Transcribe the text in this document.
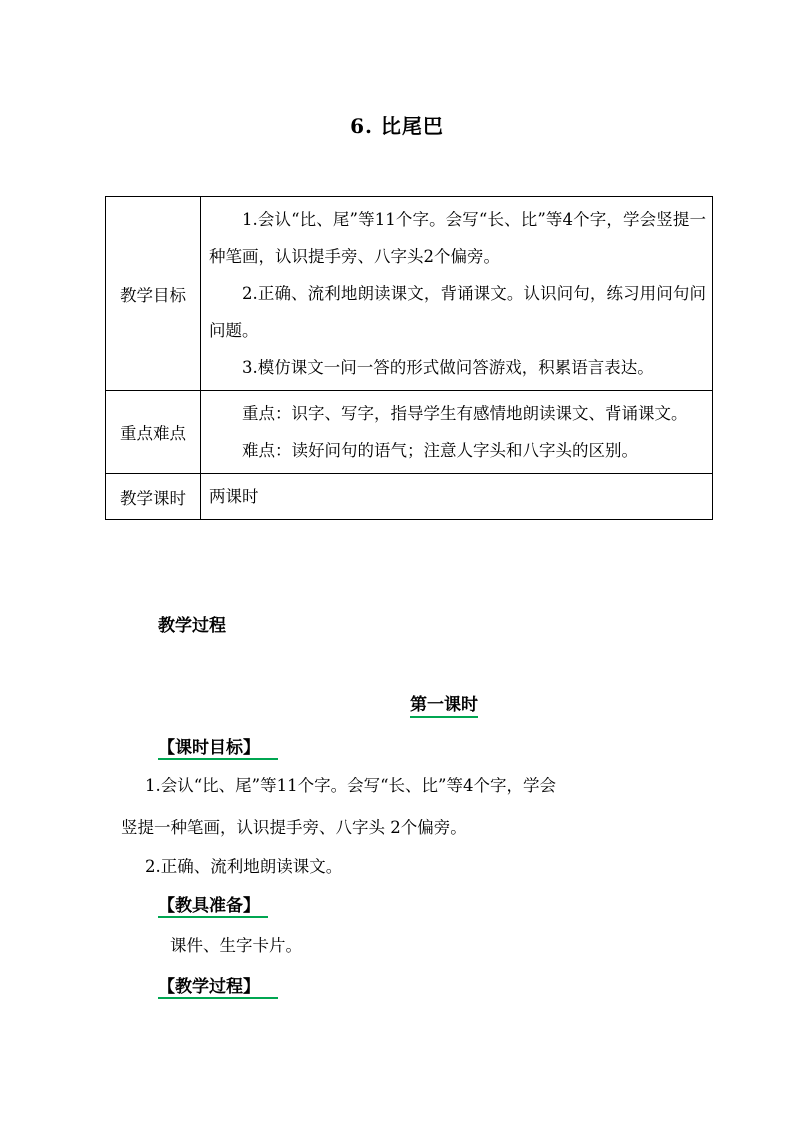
6. 比尾巴
教学目标	1.会认“比、尾”等11个字。会写“长、比”等4个字，学会竖提一种笔画，认识提手旁、八字头2个偏旁。

2.正确、流利地朗读课文，背诵课文。认识问句，练习用问句问问题。

3.模仿课文一问一答的形式做问答游戏，积累语言表达。

重点难点	重点：识字、写字，指导学生有感情地朗读课文、背诵课文。

难点：读好问句的语气；注意人字头和八字头的区别。

教学课时	两课时

教学过程
第一课时
【课时目标】
1.会认“比、尾”等11个字。会写“长、比”等4个字，学会
竖提一种笔画，认识提手旁、八字头 2个偏旁。
2.正确、流利地朗读课文。
【教具准备】
课件、生字卡片。
【教学过程】
